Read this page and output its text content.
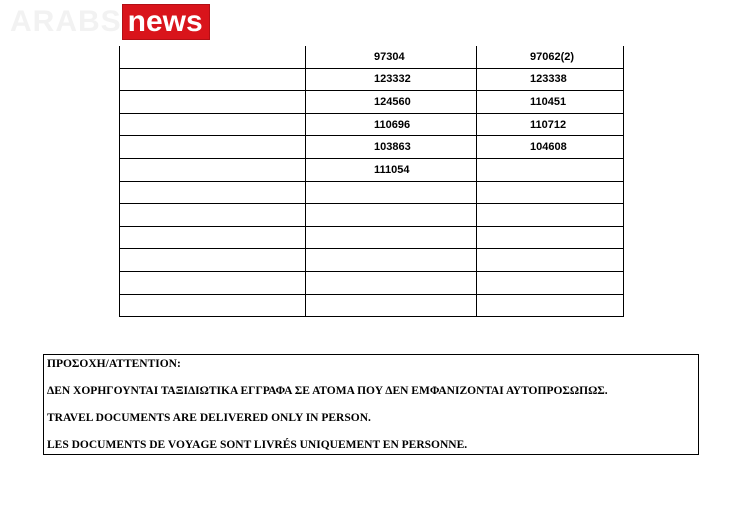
ARABS news
	97304	97062(2)
	123332	123338
	124560	110451
	110696	110712
	103863	104608
	111054	

ΠΡΟΣΟΧΗ/ATTENTION:
ΔΕΝ ΧΟΡΗΓΟΥΝΤΑΙ ΤΑΞΙΔΙΩΤΙΚΑ ΕΓΓΡΑΦΑ ΣΕ ΑΤΟΜΑ ΠΟΥ ΔΕΝ ΕΜΦΑΝΙΖΟΝΤΑΙ ΑΥΤΟΠΡΟΣΩΠΩΣ.
TRAVEL DOCUMENTS ARE DELIVERED ONLY IN PERSON.
LES DOCUMENTS DE VOYAGE SONT LIVRÉS UNIQUEMENT EN PERSONNE.
